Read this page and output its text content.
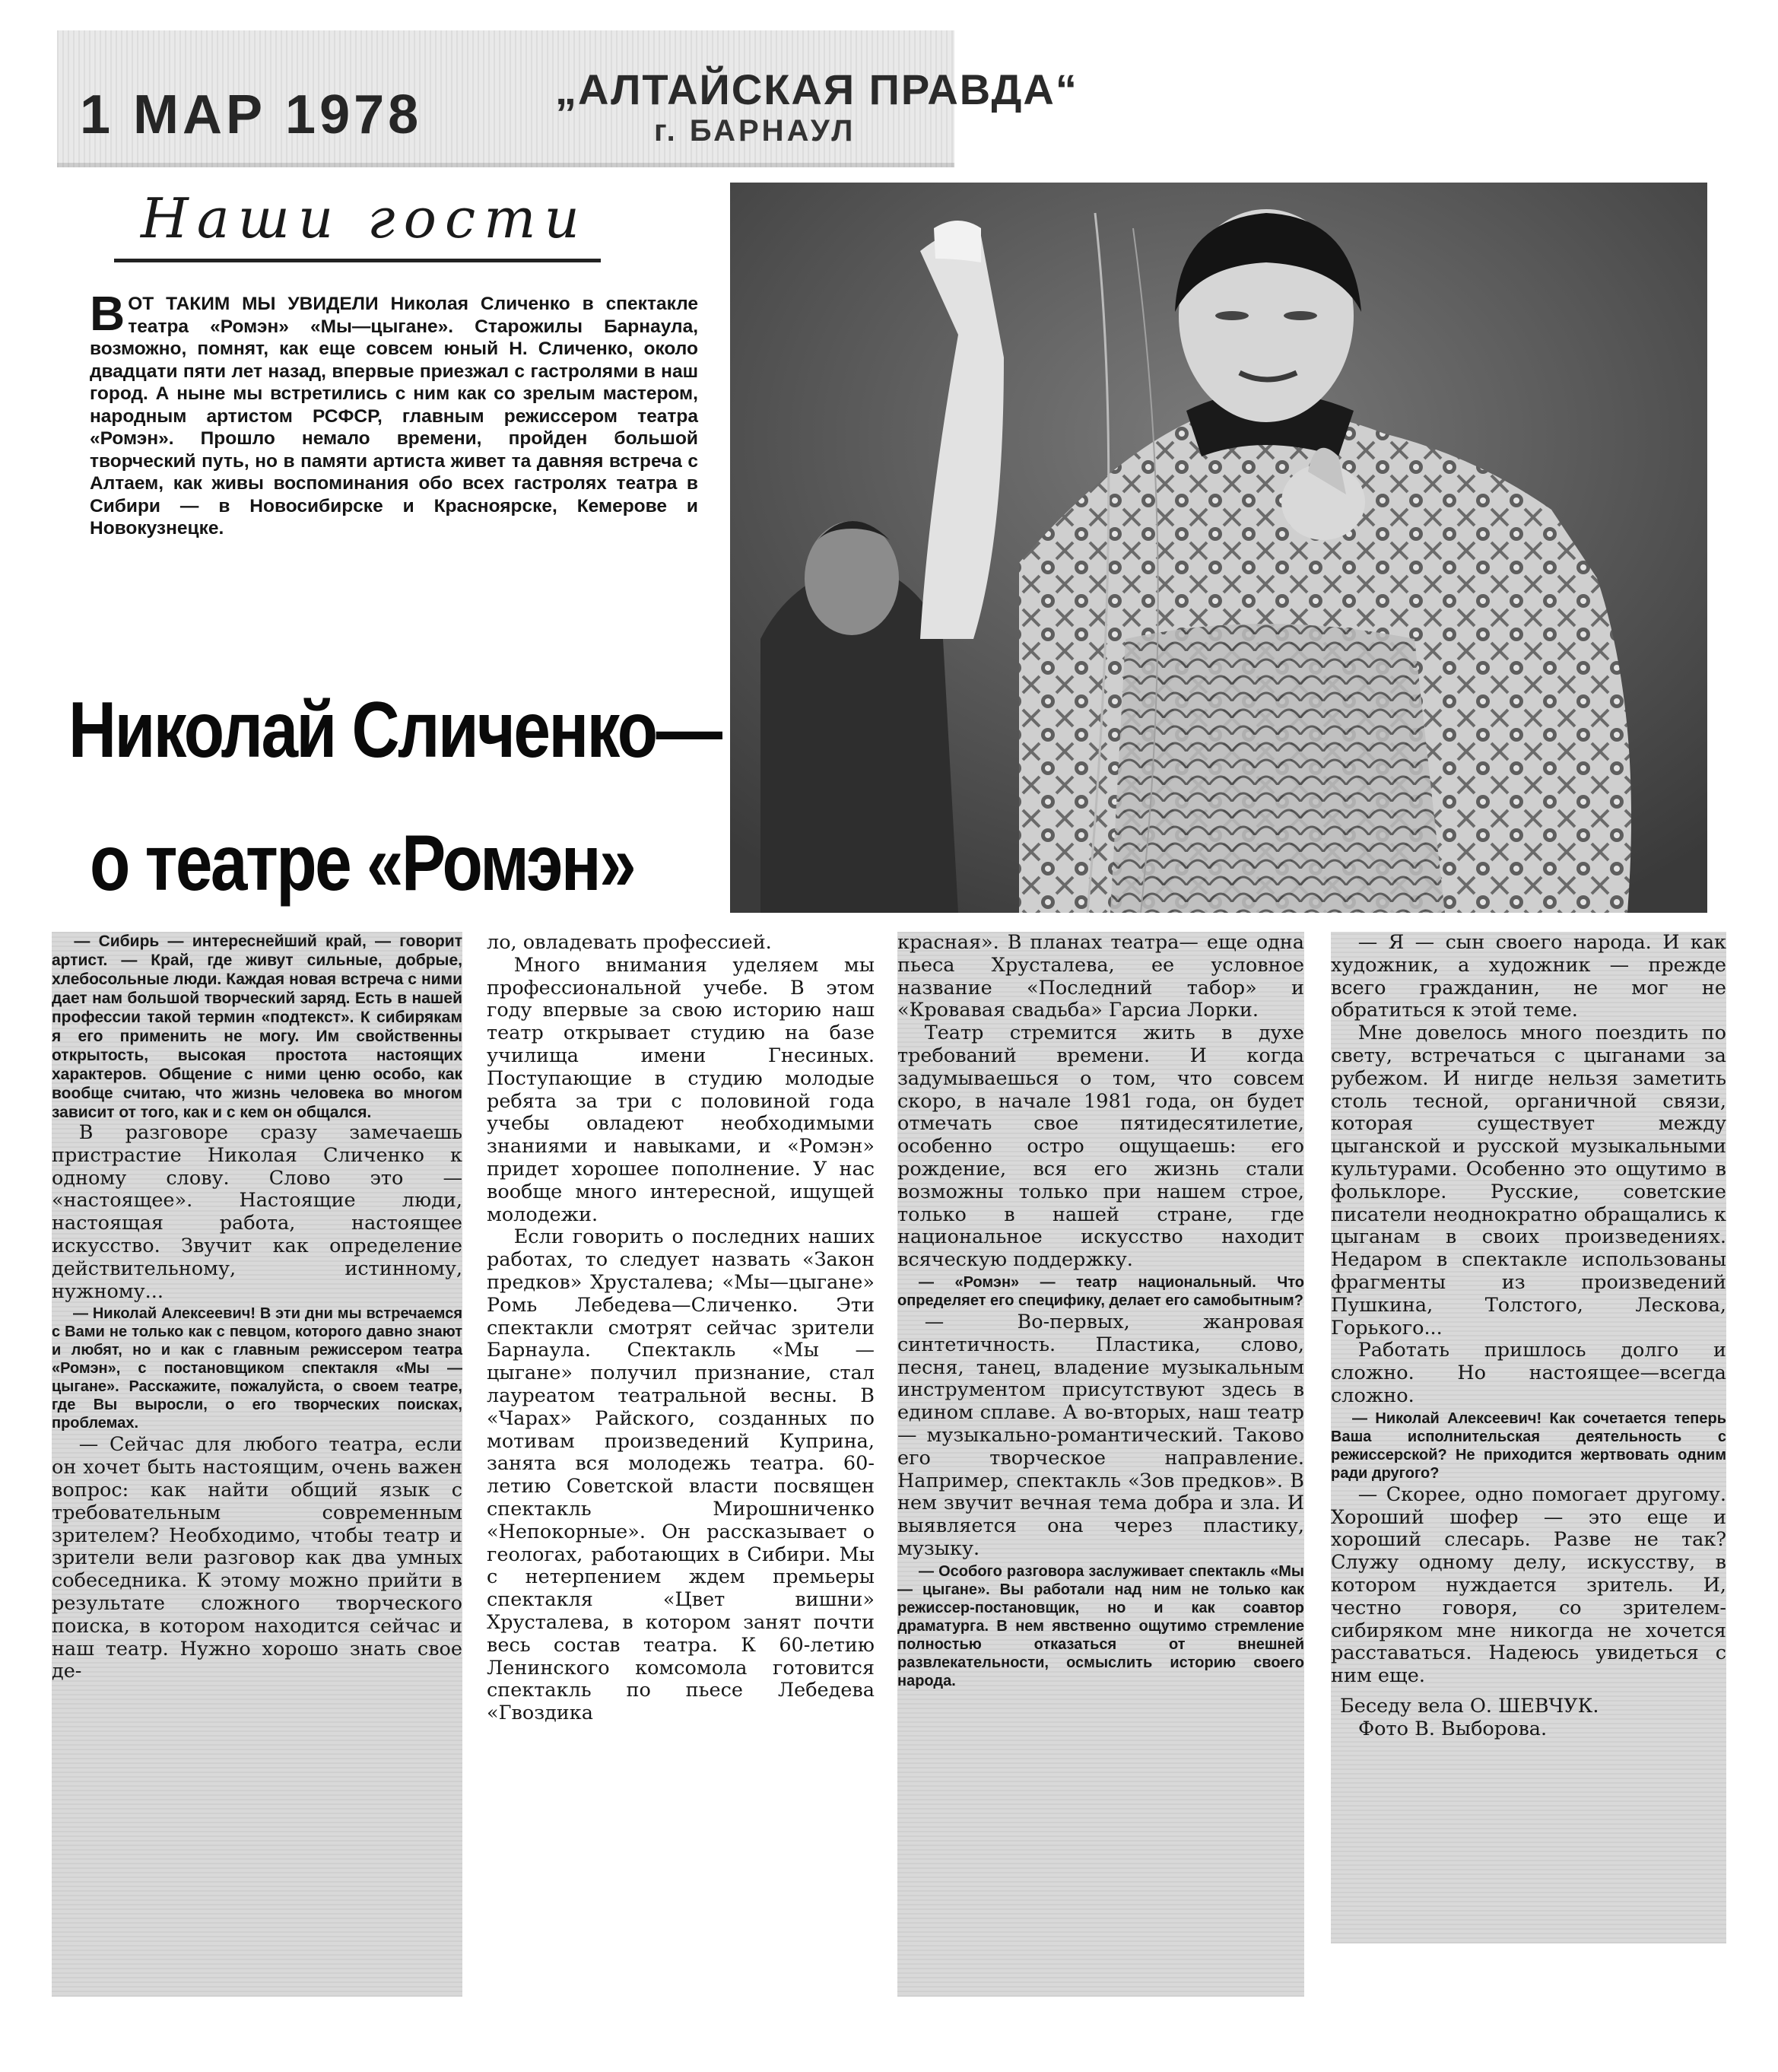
1 МАР 1978	„АЛТАЙСКАЯ ПРАВДА“
г. БАРНАУЛ
Наши гости
ВОТ ТАКИМ МЫ УВИДЕЛИ Николая Сличенко в спектакле театра «Ромэн» «Мы—цыгане». Старожилы Барнаула, возможно, помнят, как еще совсем юный Н. Сличенко, около двадцати пяти лет назад, впервые приезжал с гастролями в наш город. А ныне мы встретились с ним как со зрелым мастером, народным артистом РСФСР, главным режиссером театра «Ромэн». Прошло немало времени, пройден большой творческий путь, но в памяти артиста живет та давняя встреча с Алтаем, как живы воспоминания обо всех гастролях театра в Сибири — в Новосибирске и Красноярске, Кемерове и Новокузнецке.
Николай Сличенко—
о театре «Ромэн»

— Сибирь — интереснейший край, — говорит артист. — Край, где живут сильные, добрые, хлебосольные люди. Каждая новая встреча с ними дает нам большой творческий заряд. Есть в нашей профессии такой термин «подтекст». К сибирякам я его применить не могу. Им свойственны открытость, высокая простота настоящих характеров. Общение с ними ценю особо, как вообще считаю, что жизнь человека во многом зависит от того, как и с кем он общался.

В разговоре сразу замечаешь пристрастие Николая Сличенко к одному слову. Слово это — «настоящее». Настоящие люди, настоящая работа, настоящее искусство. Звучит как определение действительному, истинному, нужному...

— Николай Алексеевич! В эти дни мы встречаемся с Вами не только как с певцом, которого давно знают и любят, но и как с главным режиссером театра «Ромэн», с постановщиком спектакля «Мы — цыгане». Расскажите, пожалуйста, о своем театре, где Вы выросли, о его творческих поисках, проблемах.

— Сейчас для любого театра, если он хочет быть настоящим, очень важен вопрос: как найти общий язык с требовательным современным зрителем? Необходимо, чтобы театр и зрители вели разговор как два умных собеседника. К этому можно прийти в результате сложного творческого поиска, в котором находится сейчас и наш театр. Нужно хорошо знать свое де-

ло, овладевать профессией.

Много внимания уделяем мы профессиональной учебе. В этом году впервые за свою историю наш театр открывает студию на базе училища имени Гнесиных. Поступающие в студию молодые ребята за три с половиной года учебы овладеют необходимыми знаниями и навыками, и «Ромэн» придет хорошее пополнение. У нас вообще много интересной, ищущей молодежи.

Если говорить о последних наших работах, то следует назвать «Закон предков» Хрусталева; «Мы—цыгане» Ромь Лебедева—Сличенко. Эти спектакли смотрят сейчас зрители Барнаула. Спектакль «Мы — цыгане» получил признание, стал лауреатом театральной весны. В «Чарах» Райского, созданных по мотивам произведений Куприна, занята вся молодежь театра. 60-летию Советской власти посвящен спектакль Мирошниченко «Непокорные». Он рассказывает о геологах, работающих в Сибири. Мы с нетерпением ждем премьеры спектакля «Цвет вишни» Хрусталева, в котором занят почти весь состав театра. К 60-летию Ленинского комсомола готовится спектакль по пьесе Лебедева «Гвоздика

красная». В планах театра— еще одна пьеса Хрусталева, ее условное название «Последний табор» и «Кровавая свадьба» Гарсиа Лорки.

Театр стремится жить в духе требований времени. И когда задумываешься о том, что совсем скоро, в начале 1981 года, он будет отмечать свое пятидесятилетие, особенно остро ощущаешь: его рождение, вся его жизнь стали возможны только при нашем строе, только в нашей стране, где национальное искусство находит всяческую поддержку.

— «Ромэн» — театр национальный. Что определяет его специфику, делает его самобытным?

— Во-первых, жанровая синтетичность. Пластика, слово, песня, танец, владение музыкальным инструментом присутствуют здесь в едином сплаве. А во-вторых, наш театр — музыкально-романтический. Таково его творческое направление. Например, спектакль «Зов предков». В нем звучит вечная тема добра и зла. И выявляется она через пластику, музыку.

— Особого разговора заслуживает спектакль «Мы — цыгане». Вы работали над ним не только как режиссер-постановщик, но и как соавтор драматурга. В нем явственно ощутимо стремление полностью отказаться от внешней развлекательности, осмыслить историю своего народа.

— Я — сын своего народа. И как художник, а художник — прежде всего гражданин, не мог не обратиться к этой теме.

Мне довелось много поездить по свету, встречаться с цыганами за рубежом. И нигде нельзя заметить столь тесной, органичной связи, которая существует между цыганской и русской музыкальными культурами. Особенно это ощутимо в фольклоре. Русские, советские писатели неоднократно обращались к цыганам в своих произведениях. Недаром в спектакле использованы фрагменты из произведений Пушкина, Толстого, Лескова, Горького...

Работать пришлось долго и сложно. Но настоящее—всегда сложно.

— Николай Алексеевич! Как сочетается теперь Ваша исполнительская деятельность с режиссерской? Не приходится жертвовать одним ради другого?

— Скорее, одно помогает другому. Хороший шофер — это еще и хороший слесарь. Разве не так? Служу одному делу, искусству, в котором нуждается зритель. И, честно говоря, со зрителем-сибиряком мне никогда не хочется расставаться. Надеюсь увидеться с ним еще.

Беседу вела О. ШЕВЧУК.

Фото В. Выборова.
